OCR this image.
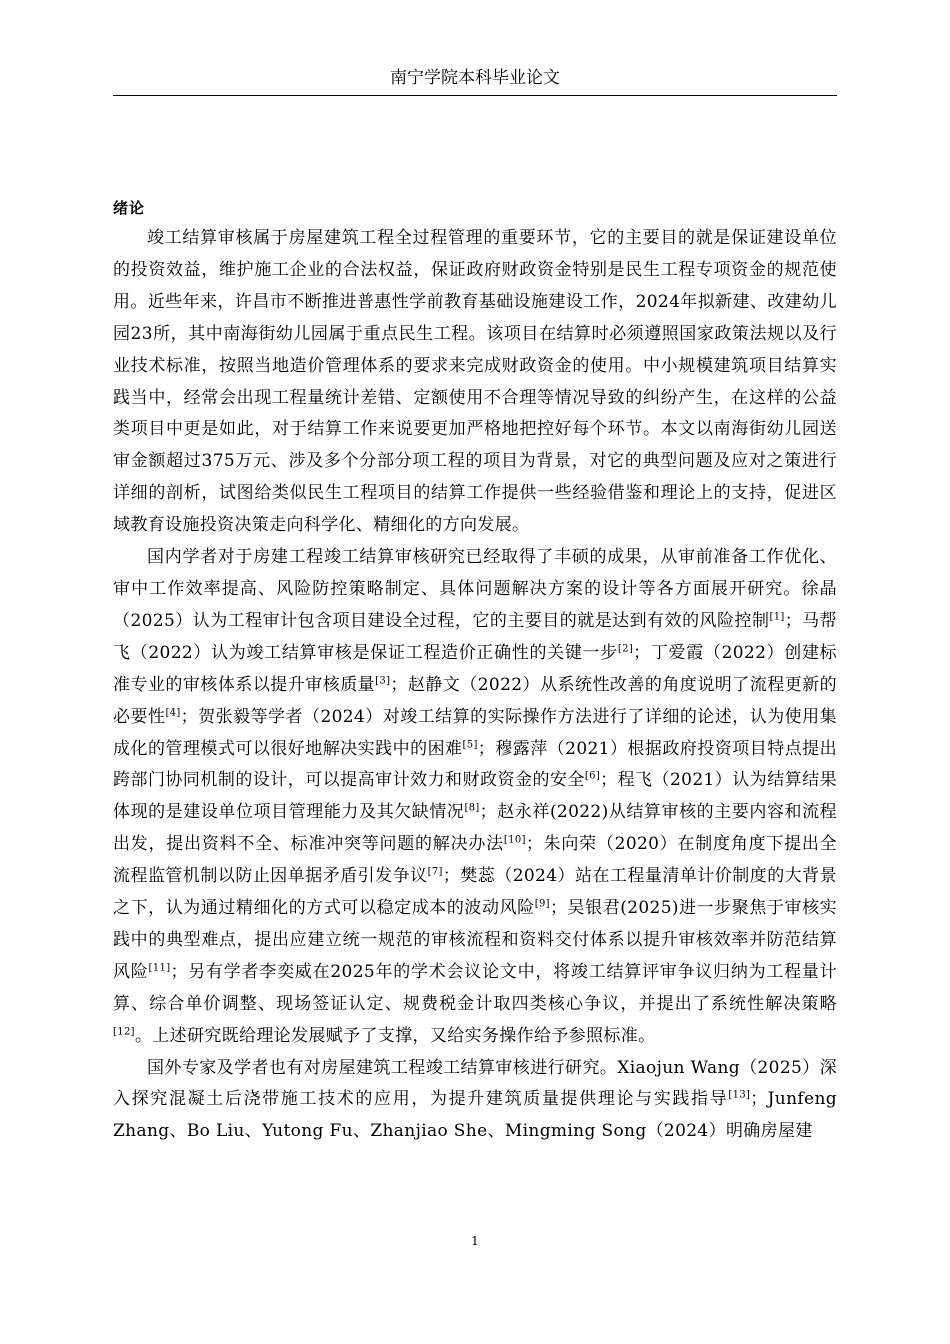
南宁学院本科毕业论文
绪论

竣工结算审核属于房屋建筑工程全过程管理的重要环节，它的主要目的就是保证建设单位的投资效益，维护施工企业的合法权益，保证政府财政资金特别是民生工程专项资金的规范使用。近些年来，许昌市不断推进普惠性学前教育基础设施建设工作，2024年拟新建、改建幼儿园23所，其中南海街幼儿园属于重点民生工程。该项目在结算时必须遵照国家政策法规以及行业技术标准，按照当地造价管理体系的要求来完成财政资金的使用。中小规模建筑项目结算实践当中，经常会出现工程量统计差错、定额使用不合理等情况导致的纠纷产生，在这样的公益类项目中更是如此，对于结算工作来说要更加严格地把控好每个环节。本文以南海街幼儿园送审金额超过375万元、涉及多个分部分项工程的项目为背景，对它的典型问题及应对之策进行详细的剖析，试图给类似民生工程项目的结算工作提供一些经验借鉴和理论上的支持，促进区域教育设施投资决策走向科学化、精细化的方向发展。

国内学者对于房建工程竣工结算审核研究已经取得了丰硕的成果，从审前准备工作优化、审中工作效率提高、风险防控策略制定、具体问题解决方案的设计等各方面展开研究。徐晶（2025）认为工程审计包含项目建设全过程，它的主要目的就是达到有效的风险控制[1]；马帮飞（2022）认为竣工结算审核是保证工程造价正确性的关键一步[2]；丁爱霞（2022）创建标准专业的审核体系以提升审核质量[3]；赵静文（2022）从系统性改善的角度说明了流程更新的必要性[4]；贺张毅等学者（2024）对竣工结算的实际操作方法进行了详细的论述，认为使用集成化的管理模式可以很好地解决实践中的困难[5]；穆露萍（2021）根据政府投资项目特点提出跨部门协同机制的设计，可以提高审计效力和财政资金的安全[6]；程飞（2021）认为结算结果体现的是建设单位项目管理能力及其欠缺情况[8]；赵永祥(2022)从结算审核的主要内容和流程出发，提出资料不全、标准冲突等问题的解决办法[10]；朱向荣（2020）在制度角度下提出全流程监管机制以防止因单据矛盾引发争议[7]；樊蕊（2024）站在工程量清单计价制度的大背景之下，认为通过精细化的方式可以稳定成本的波动风险[9]；吴银君(2025)进一步聚焦于审核实践中的典型难点，提出应建立统一规范的审核流程和资料交付体系以提升审核效率并防范结算风险[11]；另有学者李奕威在2025年的学术会议论文中，将竣工结算评审争议归纳为工程量计算、综合单价调整、现场签证认定、规费税金计取四类核心争议，并提出了系统性解决策略[12]。上述研究既给理论发展赋予了支撑，又给实务操作给予参照标准。

国外专家及学者也有对房屋建筑工程竣工结算审核进行研究。Xiaojun Wang（2025）深入探究混凝土后浇带施工技术的应用，为提升建筑质量提供理论与实践指导[13]；Junfeng Zhang、Bo Liu、Yutong Fu、Zhanjiao She、Mingming Song（2024）明确房屋建

1
